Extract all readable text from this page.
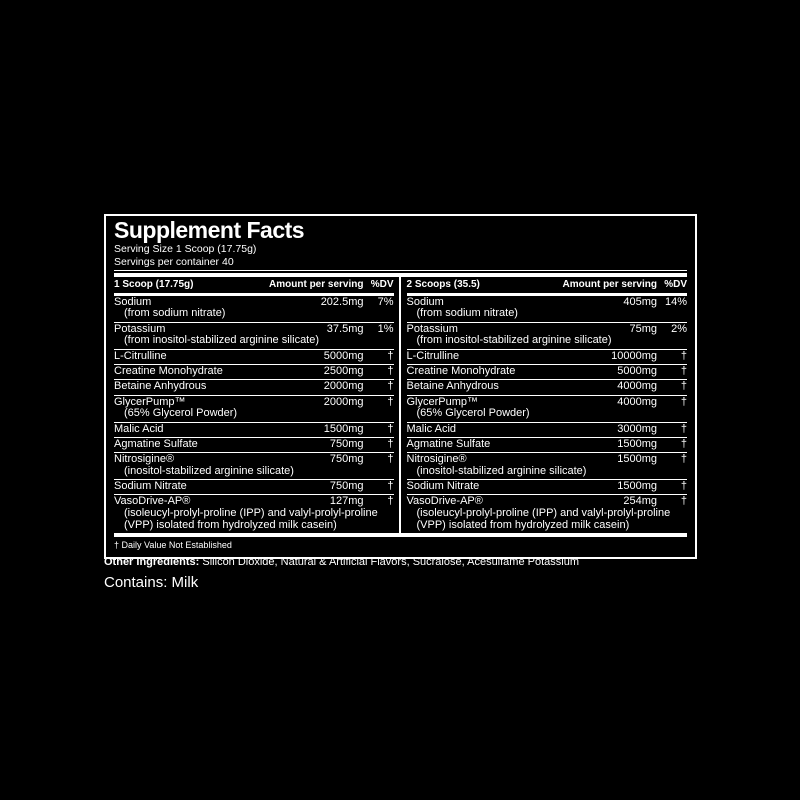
Supplement Facts
Serving Size 1 Scoop (17.75g)
Servings per container 40
1 Scoop (17.75g)	Amount per serving %DV
Sodium	202.5mg	7%
(from sodium nitrate)
Potassium	37.5mg	1%
(from inositol-stabilized arginine silicate)
L-Citrulline	5000mg	†
Creatine Monohydrate	2500mg	†
Betaine Anhydrous	2000mg	†
GlycerPump™	2000mg	†
(65% Glycerol Powder)
Malic Acid	1500mg	†
Agmatine Sulfate	750mg	†
Nitrosigine®	750mg	†
(inositol-stabilized arginine silicate)
Sodium Nitrate	750mg	†
VasoDrive-AP®	127mg	†
(isoleucyl-prolyl-proline (IPP) and valyl-prolyl-proline (VPP) isolated from hydrolyzed milk casein)
2 Scoops (35.5)	Amount per serving %DV
Sodium	405mg 14%
(from sodium nitrate)
Potassium	75mg	2%
(from inositol-stabilized arginine silicate)
L-Citrulline	10000mg	†
Creatine Monohydrate	5000mg	†
Betaine Anhydrous	4000mg	†
GlycerPump™	4000mg	†
(65% Glycerol Powder)
Malic Acid	3000mg	†
Agmatine Sulfate	1500mg	†
Nitrosigine®	1500mg	†
(inositol-stabilized arginine silicate)
Sodium Nitrate	1500mg	†
VasoDrive-AP®	254mg	†
(isoleucyl-prolyl-proline (IPP) and valyl-prolyl-proline (VPP) isolated from hydrolyzed milk casein)
† Daily Value Not Established

Other Ingredients: Silicon Dioxide, Natural & Artificial Flavors, Sucralose, Acesulfame Potassium

Contains: Milk
